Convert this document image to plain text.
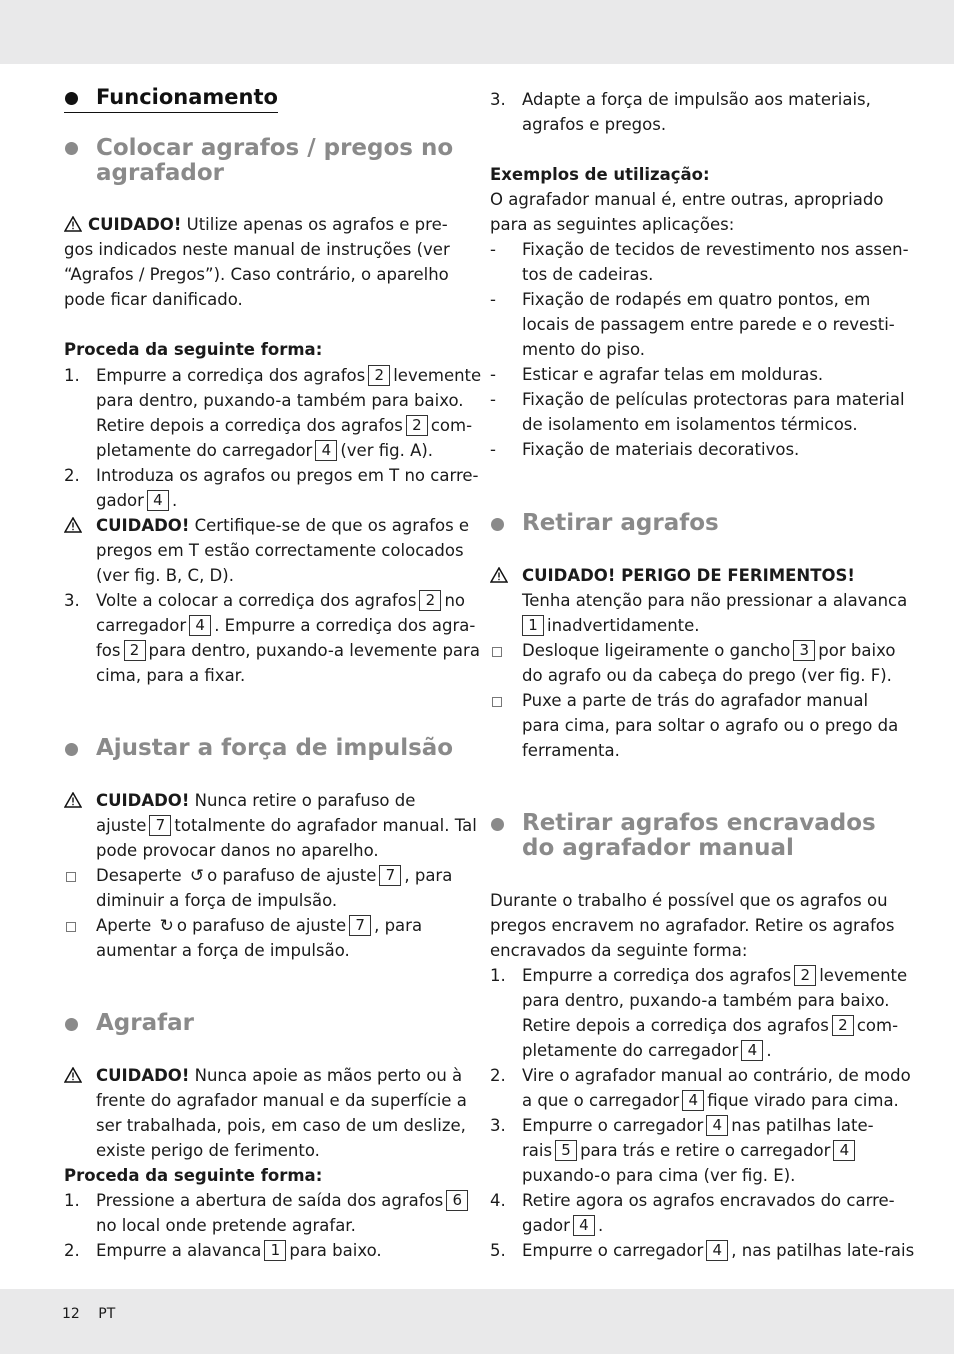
12 PT
Funcionamento
Colocar agrafos / pregos no
agrafador
CUIDADO! Utilize apenas os agrafos e pre-
gos indicados neste manual de instruções (ver
“Agrafos / Pregos”). Caso contrário, o aparelho
pode ficar danificado.
Proceda da seguinte forma:
1. Empurre a corrediça dos agrafos 2 levemente
para dentro, puxando-a também para baixo.
Retire depois a corrediça dos agrafos 2 com-
pletamente do carregador 4 (ver fig. A).
2. Introduza os agrafos ou pregos em T no carre-
gador 4 .
CUIDADO! Certifique-se de que os agrafos e
pregos em T estão correctamente colocados
(ver fig. B, C, D).
3. Volte a colocar a corrediça dos agrafos 2 no
carregador 4 . Empurre a corrediça dos agra-
fos 2 para dentro, puxando-a levemente para
cima, para a fixar.
Ajustar a força de impulsão
CUIDADO! Nunca retire o parafuso de
ajuste 7 totalmente do agrafador manual. Tal
pode provocar danos no aparelho.
Desaperte ↺ o parafuso de ajuste 7 , para
diminuir a força de impulsão.
Aperte ↻ o parafuso de ajuste 7 , para
aumentar a força de impulsão.
Agrafar
CUIDADO! Nunca apoie as mãos perto ou à
frente do agrafador manual e da superfície a
ser trabalhada, pois, em caso de um deslize,
existe perigo de ferimento.
Proceda da seguinte forma:
1. Pressione a abertura de saída dos agrafos 6
no local onde pretende agrafar.
2. Empurre a alavanca 1 para baixo.
3. Adapte a força de impulsão aos materiais,
agrafos e pregos.
Exemplos de utilização:
O agrafador manual é, entre outras, apropriado
para as seguintes aplicações:
- Fixação de tecidos de revestimento nos assen-
tos de cadeiras.
- Fixação de rodapés em quatro pontos, em
locais de passagem entre parede e o revesti-
mento do piso.
- Esticar e agrafar telas em molduras.
- Fixação de películas protectoras para material
de isolamento em isolamentos térmicos.
- Fixação de materiais decorativos.
Retirar agrafos
CUIDADO! PERIGO DE FERIMENTOS!
Tenha atenção para não pressionar a alavanca
1 inadvertidamente.
Desloque ligeiramente o gancho 3 por baixo
do agrafo ou da cabeça do prego (ver fig. F).
Puxe a parte de trás do agrafador manual
para cima, para soltar o agrafo ou o prego da
ferramenta.
Retirar agrafos encravados
do agrafador manual
Durante o trabalho é possível que os agrafos ou
pregos encravem no agrafador. Retire os agrafos
encravados da seguinte forma:
1. Empurre a corrediça dos agrafos 2 levemente
para dentro, puxando-a também para baixo.
Retire depois a corrediça dos agrafos 2 com-
pletamente do carregador 4 .
2. Vire o agrafador manual ao contrário, de modo
a que o carregador 4 fique virado para cima.
3. Empurre o carregador 4 nas patilhas late-
rais 5 para trás e retire o carregador 4
puxando-o para cima (ver fig. E).
4. Retire agora os agrafos encravados do carre-
gador 4 .
5. Empurre o carregador 4 , nas patilhas late-rais
